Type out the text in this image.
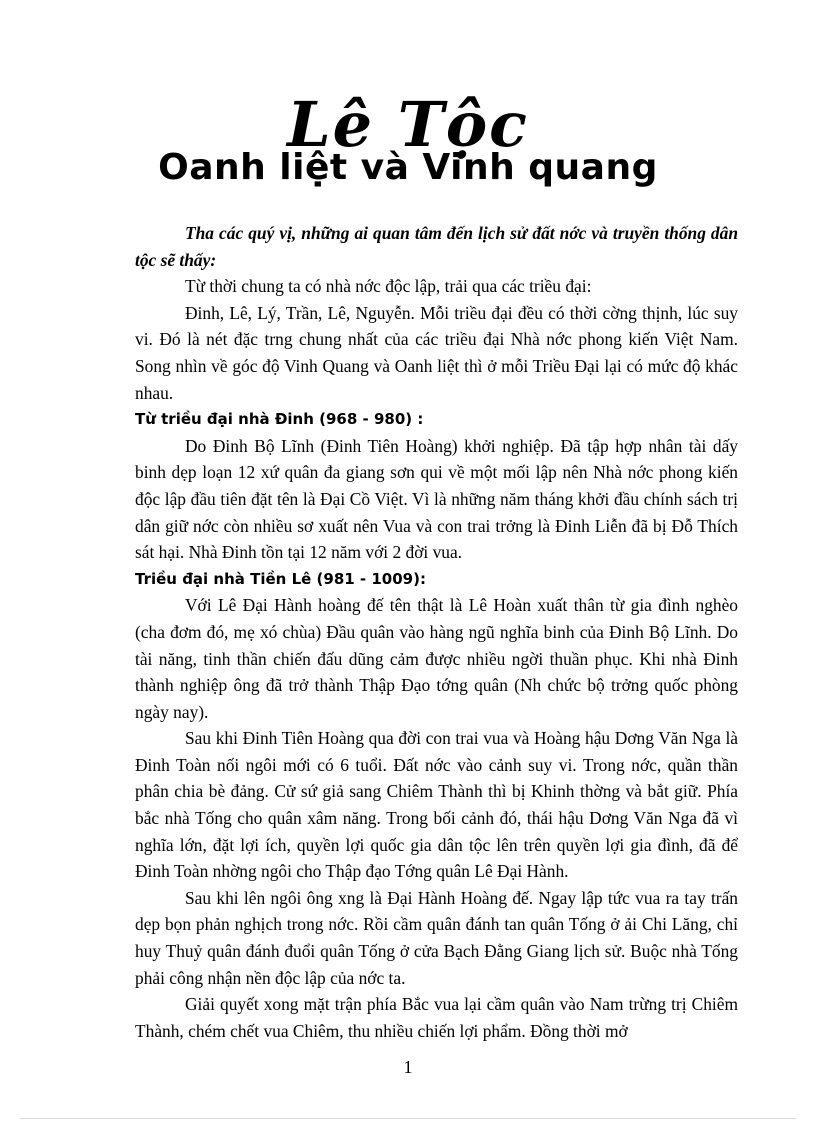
Lê Tộc
Oanh liệt và Vinh quang

Tha các quý vị, những ai quan tâm đến lịch sử đất nớc và truyền thống dân tộc sẽ thấy:

Từ thời chung ta có nhà nớc độc lập, trải qua các triều đại:

Đinh, Lê, Lý, Trần, Lê, Nguyễn. Mỗi triều đại đều có thời cờng thịnh, lúc suy vi. Đó là nét đặc trng chung nhất của các triều đại Nhà nớc phong kiến Việt Nam. Song nhìn về góc độ Vinh Quang và Oanh liệt thì ở mỗi Triều Đại lại có mức độ khác nhau.

Từ triều đại nhà Đinh (968 - 980) :

Do Đinh Bộ Lĩnh (Đinh Tiên Hoàng) khởi nghiệp. Đã tập hợp nhân tài dấy binh dẹp loạn 12 xứ quân đa giang sơn qui về một mối lập nên Nhà nớc phong kiến độc lập đầu tiên đặt tên là Đại Cồ Việt. Vì là những năm tháng khởi đầu chính sách trị dân giữ nớc còn nhiều sơ xuất nên Vua và con trai trởng là Đinh Liễn đã bị Đỗ Thích sát hại. Nhà Đinh tồn tại 12 năm với 2 đời vua.

Triều đại nhà Tiền Lê (981 - 1009):

Với Lê Đại Hành hoàng đế tên thật là Lê Hoàn xuất thân từ gia đình nghèo (cha đơm đó, mẹ xó chùa) Đầu quân vào hàng ngũ nghĩa binh của Đinh Bộ Lĩnh. Do tài năng, tinh thần chiến đấu dũng cảm được nhiều ngời thuần phục. Khi nhà Đinh thành nghiệp ông đã trở thành Thập Đạo tớng quân (Nh chức bộ trởng quốc phòng ngày nay).

Sau khi Đinh Tiên Hoàng qua đời con trai vua và Hoàng hậu Dơng Văn Nga là Đinh Toàn nối ngôi mới có 6 tuổi. Đất nớc vào cảnh suy vi. Trong nớc, quần thần phân chia bè đảng. Cử sứ giả sang Chiêm Thành thì bị Khinh thờng và bắt giữ. Phía bắc nhà Tống cho quân xâm năng. Trong bối cảnh đó, thái hậu Dơng Văn Nga đã vì nghĩa lớn, đặt lợi ích, quyền lợi quốc gia dân tộc lên trên quyền lợi gia đình, đã để Đinh Toàn nhờng ngôi cho Thập đạo Tớng quân Lê Đại Hành.

Sau khi lên ngôi ông xng là Đại Hành Hoàng đế. Ngay lập tức vua ra tay trấn dẹp bọn phản nghịch trong nớc. Rồi cầm quân đánh tan quân Tống ở ải Chi Lăng, chỉ huy Thuỷ quân đánh đuổi quân Tống ở cửa Bạch Đằng Giang lịch sử. Buộc nhà Tống phải công nhận nền độc lập của nớc ta.

Giải quyết xong mặt trận phía Bắc vua lại cầm quân vào Nam trừng trị Chiêm Thành, chém chết vua Chiêm, thu nhiều chiến lợi phẩm. Đồng thời mở

1
